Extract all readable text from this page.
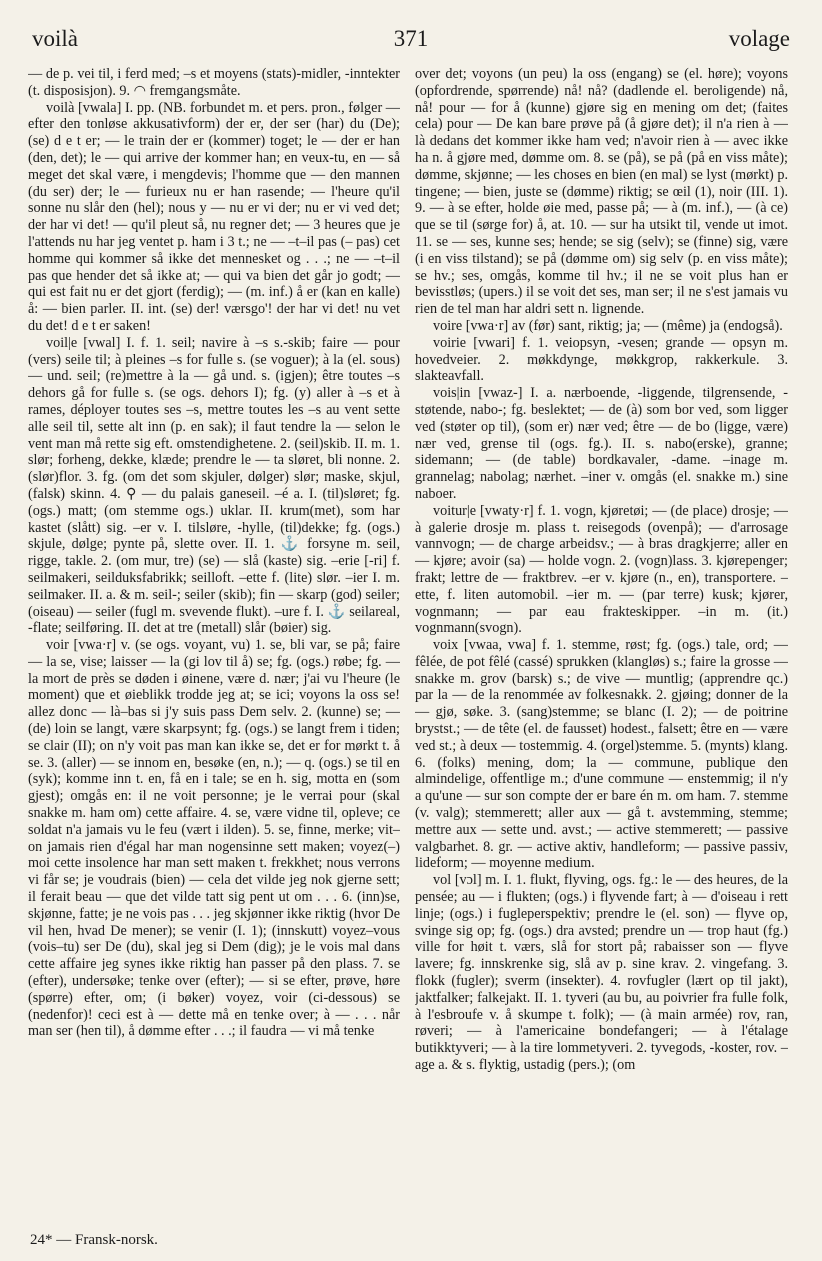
voilà	371	volage

— de p. vei til, i ferd med; –s et moyens (stats)-midler, -inntekter (t. disposisjon). 9. ◠ fremgangsmåte.

voilà [vwala] I. pp. (NB. forbundet m. et pers. pron., følger — efter den tonløse akkusativform) der er, der ser (har) du (De); (se) d e t er; — le train der er (kommer) toget; le — der er han (den, det); le — qui arrive der kommer han; en veux-tu, en — så meget det skal være, i mengdevis; l'homme que — den mannen (du ser) der; le — furieux nu er han rasende; — l'heure qu'il sonne nu slår den (hel); nous y — nu er vi der; nu er vi ved det; der har vi det! — qu'il pleut så, nu regner det; — 3 heures que je l'attends nu har jeg ventet p. ham i 3 t.; ne — –t–il pas (– pas) cet homme qui kommer så ikke det mennesket og . . .; ne — –t–il pas que hender det så ikke at; — qui va bien det går jo godt; — qui est fait nu er det gjort (ferdig); — (m. inf.) å er (kan en kalle) å: — bien parler. II. int. (se) der! værsgo'! der har vi det! nu vet du det! d e t er saken!

voil|e [vwal] I. f. 1. seil; navire à –s s.-skib; faire — pour (vers) seile til; à pleines –s for fulle s. (se voguer); à la (el. sous) — und. seil; (re)mettre à la — gå und. s. (igjen); être toutes –s dehors gå for fulle s. (se ogs. dehors I); fg. (y) aller à –s et à rames, déployer toutes ses –s, mettre toutes les –s au vent sette alle seil til, sette alt inn (p. en sak); il faut tendre la — selon le vent man må rette sig eft. omstendighetene. 2. (seil)skib. II. m. 1. slør; forheng, dekke, klæde; prendre le — ta sløret, bli nonne. 2. (slør)flor. 3. fg. (om det som skjuler, dølger) slør; maske, skjul, (falsk) skinn. 4. ⚲ — du palais ganeseil. –é a. I. (til)sløret; fg. (ogs.) matt; (om stemme ogs.) uklar. II. krum(met), som har kastet (slått) sig. –er v. I. tilsløre, -hylle, (til)dekke; fg. (ogs.) skjule, dølge; pynte på, slette over. II. 1. ⚓ forsyne m. seil, rigge, takle. 2. (om mur, tre) (se) — slå (kaste) sig. –erie [-ri] f. seilmakeri, seilduksfabrikk; seilloft. –ette f. (lite) slør. –ier I. m. seilmaker. II. a. & m. seil-; seiler (skib); fin — skarp (god) seiler; (oiseau) — seiler (fugl m. svevende flukt). –ure f. I. ⚓ seilareal, -flate; seilføring. II. det at tre (metall) slår (bøier) sig.

voir [vwa·r] v. (se ogs. voyant, vu) 1. se, bli var, se på; faire — la se, vise; laisser — la (gi lov til å) se; fg. (ogs.) røbe; fg. — la mort de près se døden i øinene, være d. nær; j'ai vu l'heure (le moment) que et øieblikk trodde jeg at; se ici; voyons la oss se! allez donc — là–bas si j'y suis pass Dem selv. 2. (kunne) se; — (de) loin se langt, være skarpsynt; fg. (ogs.) se langt frem i tiden; se clair (II); on n'y voit pas man kan ikke se, det er for mørkt t. å se. 3. (aller) — se innom en, besøke (en, n.); — q. (ogs.) se til en (syk); komme inn t. en, få en i tale; se en h. sig, motta en (som gjest); omgås en: il ne voit personne; je le verrai pour (skal snakke m. ham om) cette affaire. 4. se, være vidne til, opleve; ce soldat n'a jamais vu le feu (vært i ilden). 5. se, finne, merke; vit–on jamais rien d'égal har man nogensinne sett maken; voyez(–) moi cette insolence har man sett maken t. frekkhet; nous verrons vi får se; je voudrais (bien) — cela det vilde jeg nok gjerne sett; il ferait beau — que det vilde tatt sig pent ut om . . . 6. (inn)se, skjønne, fatte; je ne vois pas . . . jeg skjønner ikke riktig (hvor De vil hen, hvad De mener); se venir (I. 1); (innskutt) voyez–vous (vois–tu) ser De (du), skal jeg si Dem (dig); je le vois mal dans cette affaire jeg synes ikke riktig han passer på den plass. 7. se (efter), undersøke; tenke over (efter); — si se efter, prøve, høre (spørre) efter, om; (i bøker) voyez, voir (ci-dessous) se (nedenfor)! ceci est à — dette må en tenke over; à — . . . når man ser (hen til), å dømme efter . . .; il faudra — vi må tenke

over det; voyons (un peu) la oss (engang) se (el. høre); voyons (opfordrende, spørrende) nå! nå? (dadlende el. beroligende) nå, nå! pour — for å (kunne) gjøre sig en mening om det; (faites cela) pour — De kan bare prøve på (å gjøre det); il n'a rien à — là dedans det kommer ikke ham ved; n'avoir rien à — avec ikke ha n. å gjøre med, dømme om. 8. se (på), se på (på en viss måte); dømme, skjønne; — les choses en bien (en mal) se lyst (mørkt) p. tingene; — bien, juste se (dømme) riktig; se œil (1), noir (III. 1). 9. — à se efter, holde øie med, passe på; — à (m. inf.), — (à ce) que se til (sørge for) å, at. 10. — sur ha utsikt til, vende ut imot. 11. se — ses, kunne ses; hende; se sig (selv); se (finne) sig, være (i en viss tilstand); se på (dømme om) sig selv (p. en viss måte); se hv.; ses, omgås, komme til hv.; il ne se voit plus han er bevisstløs; (upers.) il se voit det ses, man ser; il ne s'est jamais vu rien de tel man har aldri sett n. lignende.

voire [vwa·r] av (før) sant, riktig; ja; — (même) ja (endogså).

voirie [vwari] f. 1. veiopsyn, -vesen; grande — opsyn m. hovedveier. 2. møkkdynge, møkkgrop, rakkerkule. 3. slakteavfall.

vois|in [vwaz-] I. a. nærboende, -liggende, tilgrensende, -støtende, nabo-; fg. beslektet; — de (à) som bor ved, som ligger ved (støter op til), (som er) nær ved; être — de bo (ligge, være) nær ved, grense til (ogs. fg.). II. s. nabo(erske), granne; sidemann; — (de table) bordkavaler, -dame. –inage m. grannelag; nabolag; nærhet. –iner v. omgås (el. snakke m.) sine naboer.

voitur|e [vwaty·r] f. 1. vogn, kjøretøi; — (de place) drosje; — à galerie drosje m. plass t. reisegods (ovenpå); — d'arrosage vannvogn; — de charge arbeidsv.; — à bras dragkjerre; aller en — kjøre; avoir (sa) — holde vogn. 2. (vogn)lass. 3. kjørepenger; frakt; lettre de — fraktbrev. –er v. kjøre (n., en), transportere. –ette, f. liten automobil. –ier m. — (par terre) kusk; kjører, vognmann; — par eau frakteskipper. –in m. (it.) vognmann(svogn).

voix [vwaa, vwa] f. 1. stemme, røst; fg. (ogs.) tale, ord; — fêlée, de pot fêlé (cassé) sprukken (klangløs) s.; faire la grosse — snakke m. grov (barsk) s.; de vive — muntlig; (apprendre qc.) par la — de la renommée av folkesnakk. 2. gjøing; donner de la — gjø, søke. 3. (sang)stemme; se blanc (I. 2); — de poitrine brystst.; — de tête (el. de fausset) hodest., falsett; être en — være ved st.; à deux — tostemmig. 4. (orgel)stemme. 5. (mynts) klang. 6. (folks) mening, dom; la — commune, publique den almindelige, offentlige m.; d'une commune — enstemmig; il n'y a qu'une — sur son compte der er bare én m. om ham. 7. stemme (v. valg); stemmerett; aller aux — gå t. avstemming, stemme; mettre aux — sette und. avst.; — active stemmerett; — passive valgbarhet. 8. gr. — active aktiv, handleform; — passive passiv, lideform; — moyenne medium.

vol [vɔl] m. I. 1. flukt, flyving, ogs. fg.: le — des heures, de la pensée; au — i flukten; (ogs.) i flyvende fart; à — d'oiseau i rett linje; (ogs.) i fugleperspektiv; prendre le (el. son) — flyve op, svinge sig op; fg. (ogs.) dra avsted; prendre un — trop haut (fg.) ville for høit t. værs, slå for stort på; rabaisser son — flyve lavere; fg. innskrenke sig, slå av p. sine krav. 2. vingefang. 3. flokk (fugler); sverm (insekter). 4. rovfugler (lært op til jakt), jaktfalker; falkejakt. II. 1. tyveri (au bu, au poivrier fra fulle folk, à l'esbroufe v. å skumpe t. folk); — (à main armée) rov, ran, røveri; — à l'americaine bondefangeri; — à l'étalage butikktyveri; — à la tire lommetyveri. 2. tyvegods, -koster, rov. –age a. & s. flyktig, ustadig (pers.); (om

24* — Fransk-norsk.
